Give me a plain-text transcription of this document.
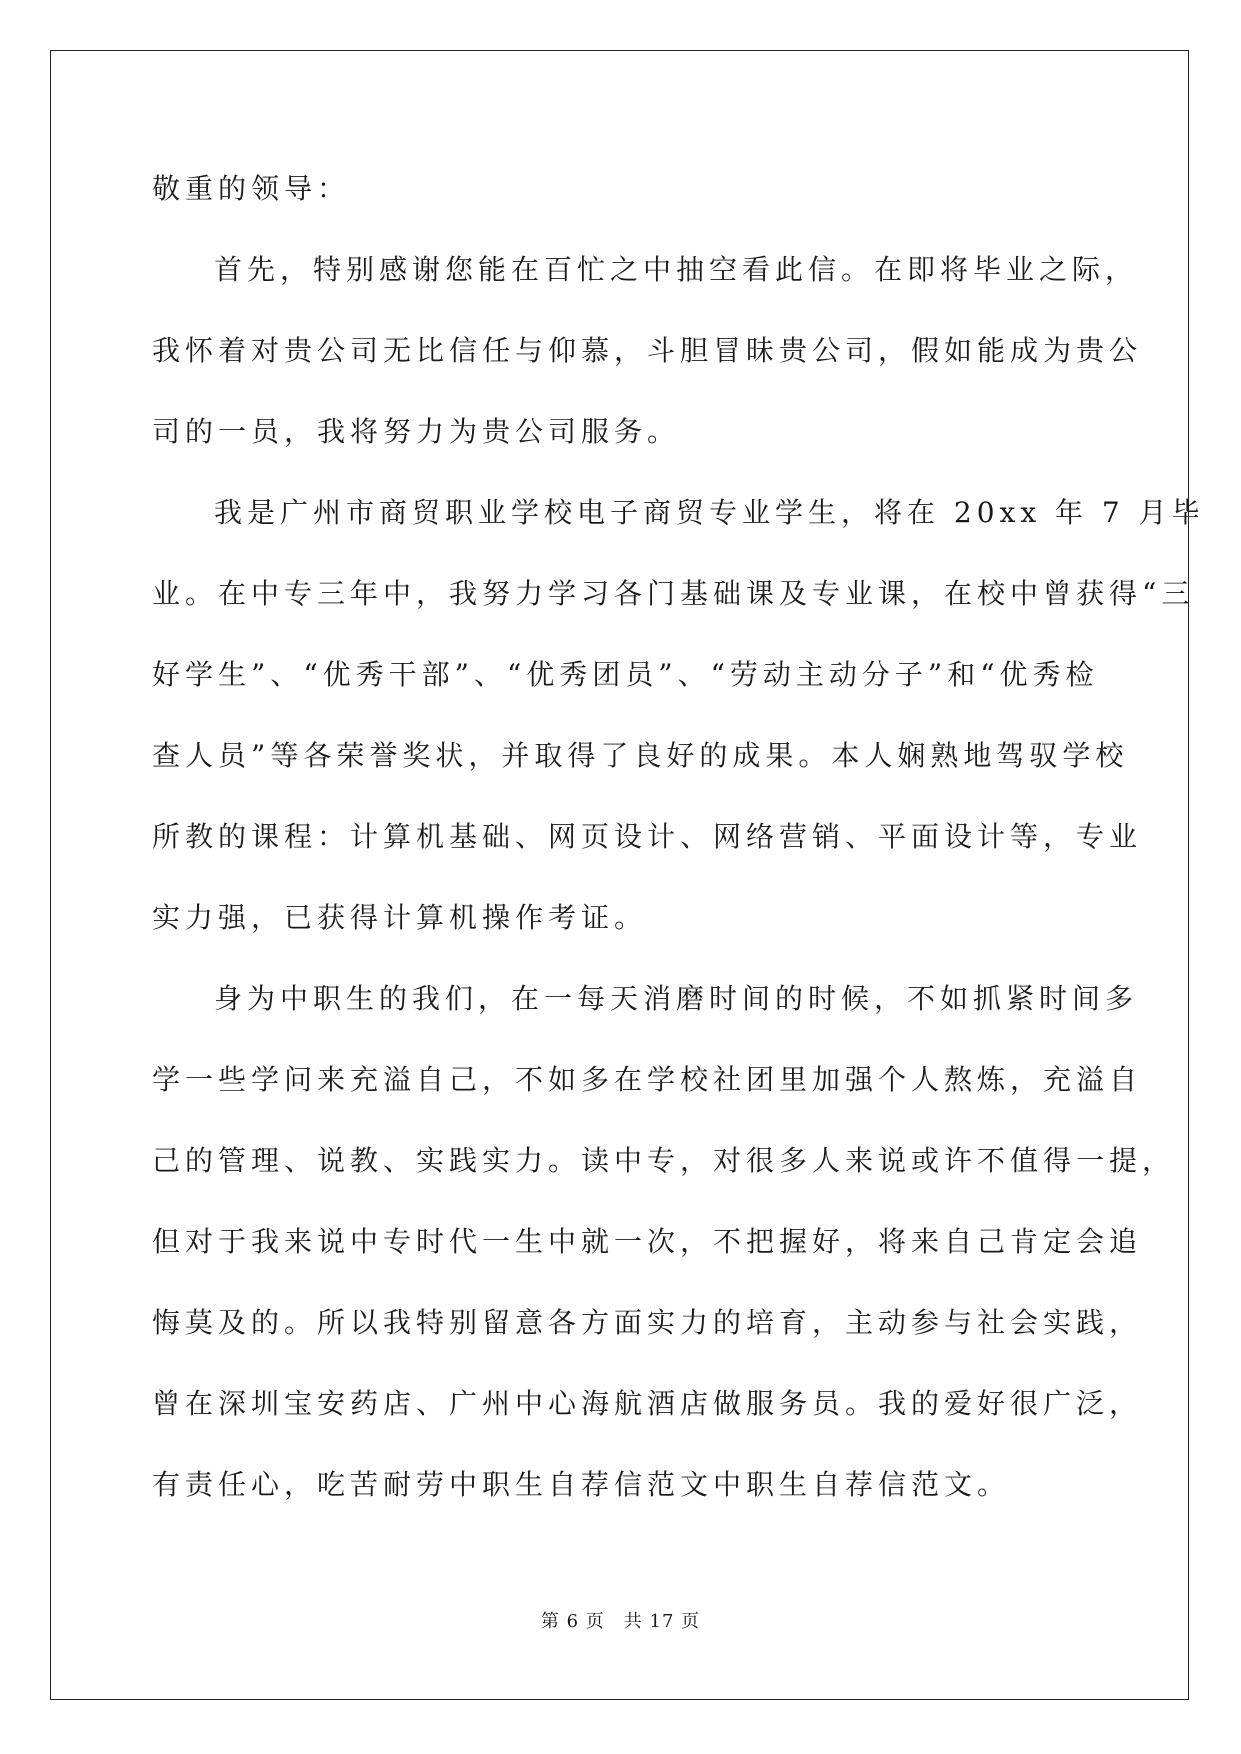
敬重的领导：
首先，特别感谢您能在百忙之中抽空看此信。在即将毕业之际，
我怀着对贵公司无比信任与仰慕，斗胆冒昧贵公司，假如能成为贵公
司的一员，我将努力为贵公司服务。
我是广州市商贸职业学校电子商贸专业学生，将在 20xx 年 7 月毕
业。在中专三年中，我努力学习各门基础课及专业课，在校中曾获得“三
好学生”、“优秀干部”、“优秀团员”、“劳动主动分子”和“优秀检
查人员”等各荣誉奖状，并取得了良好的成果。本人娴熟地驾驭学校
所教的课程：计算机基础、网页设计、网络营销、平面设计等，专业
实力强，已获得计算机操作考证。
身为中职生的我们，在一每天消磨时间的时候，不如抓紧时间多
学一些学问来充溢自己，不如多在学校社团里加强个人熬炼，充溢自
己的管理、说教、实践实力。读中专，对很多人来说或许不值得一提，
但对于我来说中专时代一生中就一次，不把握好，将来自己肯定会追
悔莫及的。所以我特别留意各方面实力的培育，主动参与社会实践，
曾在深圳宝安药店、广州中心海航酒店做服务员。我的爱好很广泛，
有责任心，吃苦耐劳中职生自荐信范文中职生自荐信范文。
第 6 页　共 17 页
